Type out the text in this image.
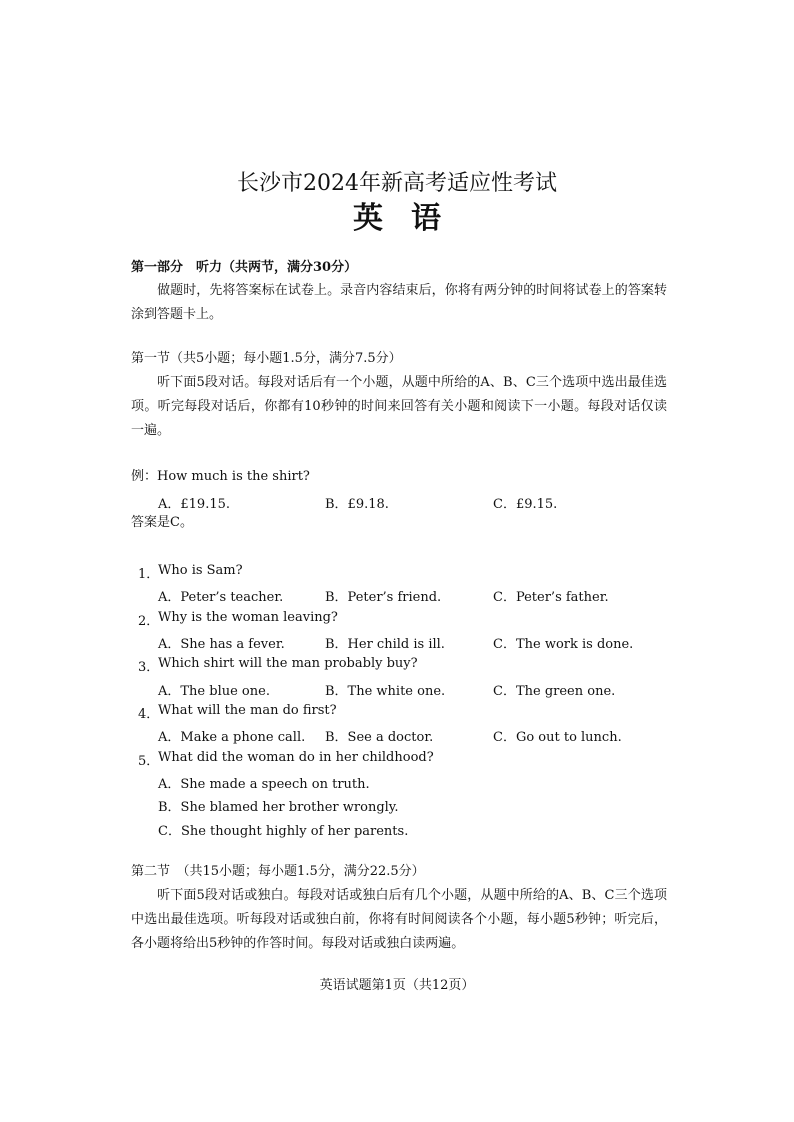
长沙市2024年新高考适应性考试
英语
第一部分　听力（共两节，满分30分）
做题时，先将答案标在试卷上。录音内容结束后，你将有两分钟的时间将试卷上的答案转涂到答题卡上。
第一节（共5小题；每小题1.5分，满分7.5分）
听下面5段对话。每段对话后有一个小题，从题中所给的A、B、C三个选项中选出最佳选项。听完每段对话后，你都有10秒钟的时间来回答有关小题和阅读下一小题。每段对话仅读一遍。
例：How much is the shirt?
A．£19.15.	B．£9.18.	C．£9.15.
答案是C。
1．
Who is Sam?
A．Peter’s teacher.	B．Peter’s friend.	C．Peter’s father.
2．
Why is the woman leaving?
A．She has a fever.	B．Her child is ill.	C．The work is done.
3．
Which shirt will the man probably buy?
A．The blue one.	B．The white one.	C．The green one.
4．
What will the man do first?
A．Make a phone call. B．See a doctor.	C．Go out to lunch.
5．
What did the woman do in her childhood?
A．She made a speech on truth.
B．She blamed her brother wrongly.
C．She thought highly of her parents.
第二节　（共15小题；每小题1.5分，满分22.5分）
听下面5段对话或独白。每段对话或独白后有几个小题，从题中所给的A、B、C三个选项中选出最佳选项。听每段对话或独白前，你将有时间阅读各个小题，每小题5秒钟；听完后，各小题将给出5秒钟的作答时间。每段对话或独白读两遍。
英语试题第1页（共12页）
